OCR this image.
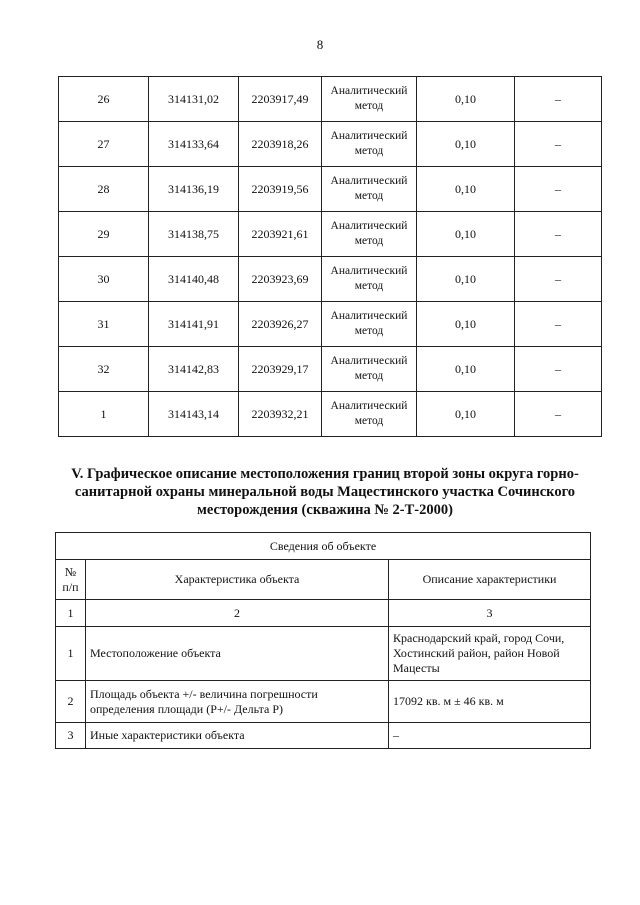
8
26	314131,02	2203917,49	Аналитический метод	0,10	–
27	314133,64	2203918,26	Аналитический метод	0,10	–
28	314136,19	2203919,56	Аналитический метод	0,10	–
29	314138,75	2203921,61	Аналитический метод	0,10	–
30	314140,48	2203923,69	Аналитический метод	0,10	–
31	314141,91	2203926,27	Аналитический метод	0,10	–
32	314142,83	2203929,17	Аналитический метод	0,10	–
1	314143,14	2203932,21	Аналитический метод	0,10	–
V. Графическое описание местоположения границ второй зоны округа горно-санитарной охраны минеральной воды Мацестинского участка Сочинского месторождения (скважина № 2-Т-2000)
Сведения об объекте		
№ п/п	Характеристика объекта	Описание характеристики
1	2	3
1	Местоположение объекта	Краснодарский край, город Сочи, Хостинский район, район Новой Мацесты
2	Площадь объекта +/- величина погрешности определения площади (Р+/- Дельта Р)	17092 кв. м ± 46 кв. м
3	Иные характеристики объекта	–
